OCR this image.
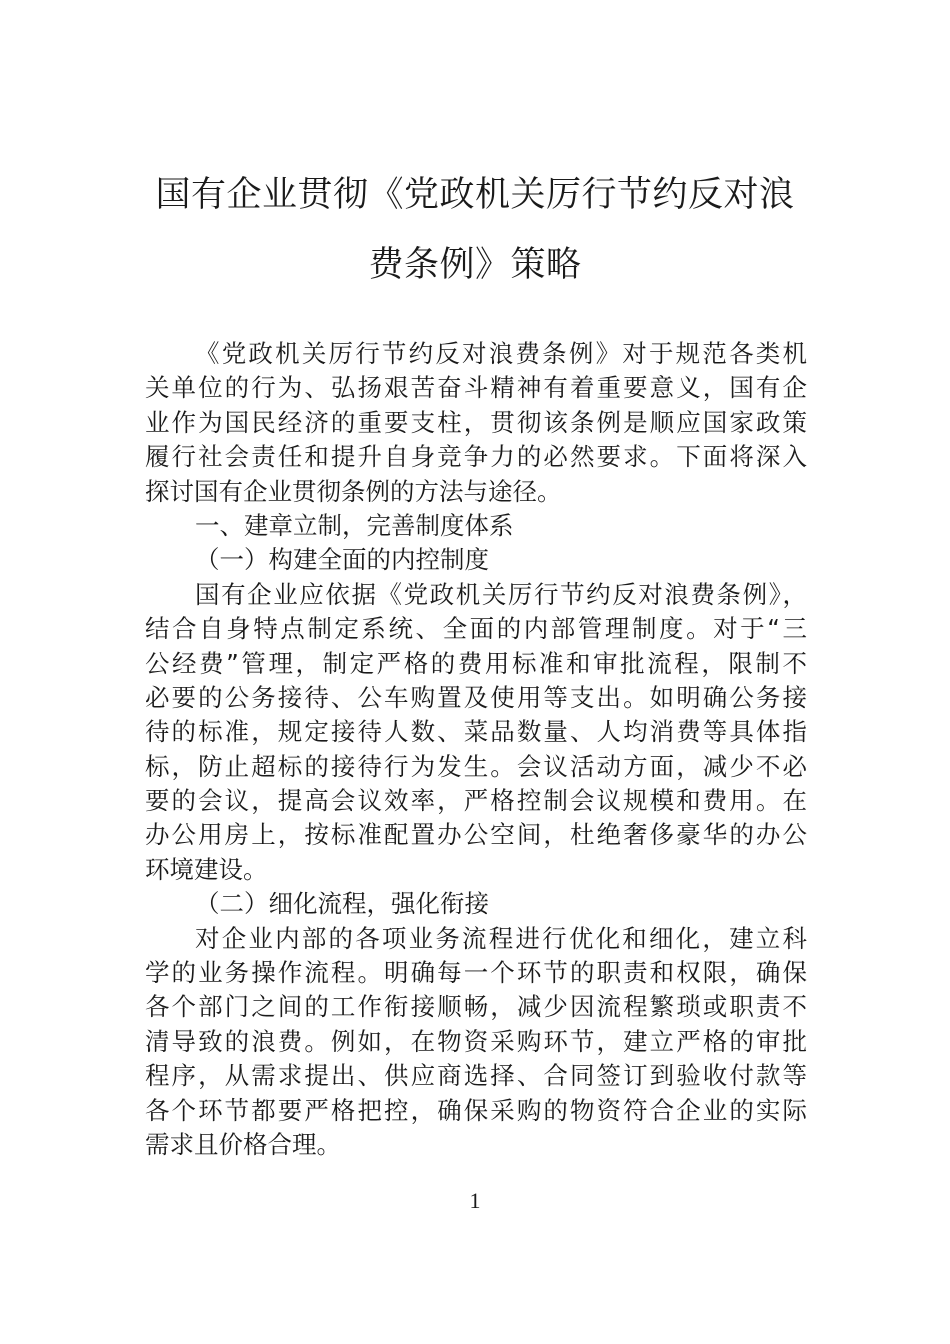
国有企业贯彻《党政机关厉行节约反对浪
费条例》策略
《党政机关厉行节约反对浪费条例》对于规范各类机
关单位的行为、弘扬艰苦奋斗精神有着重要意义，国有企
业作为国民经济的重要支柱，贯彻该条例是顺应国家政策
履行社会责任和提升自身竞争力的必然要求。下面将深入
探讨国有企业贯彻条例的方法与途径。
一、建章立制，完善制度体系
（一）构建全面的内控制度
国有企业应依据《党政机关厉行节约反对浪费条例》，
结合自身特点制定系统、全面的内部管理制度。对于“三
公经费”管理，制定严格的费用标准和审批流程，限制不
必要的公务接待、公车购置及使用等支出。如明确公务接
待的标准，规定接待人数、菜品数量、人均消费等具体指
标，防止超标的接待行为发生。会议活动方面，减少不必
要的会议，提高会议效率，严格控制会议规模和费用。在
办公用房上，按标准配置办公空间，杜绝奢侈豪华的办公
环境建设。
（二）细化流程，强化衔接
对企业内部的各项业务流程进行优化和细化，建立科
学的业务操作流程。明确每一个环节的职责和权限，确保
各个部门之间的工作衔接顺畅，减少因流程繁琐或职责不
清导致的浪费。例如，在物资采购环节，建立严格的审批
程序，从需求提出、供应商选择、合同签订到验收付款等
各个环节都要严格把控，确保采购的物资符合企业的实际
需求且价格合理。
1
